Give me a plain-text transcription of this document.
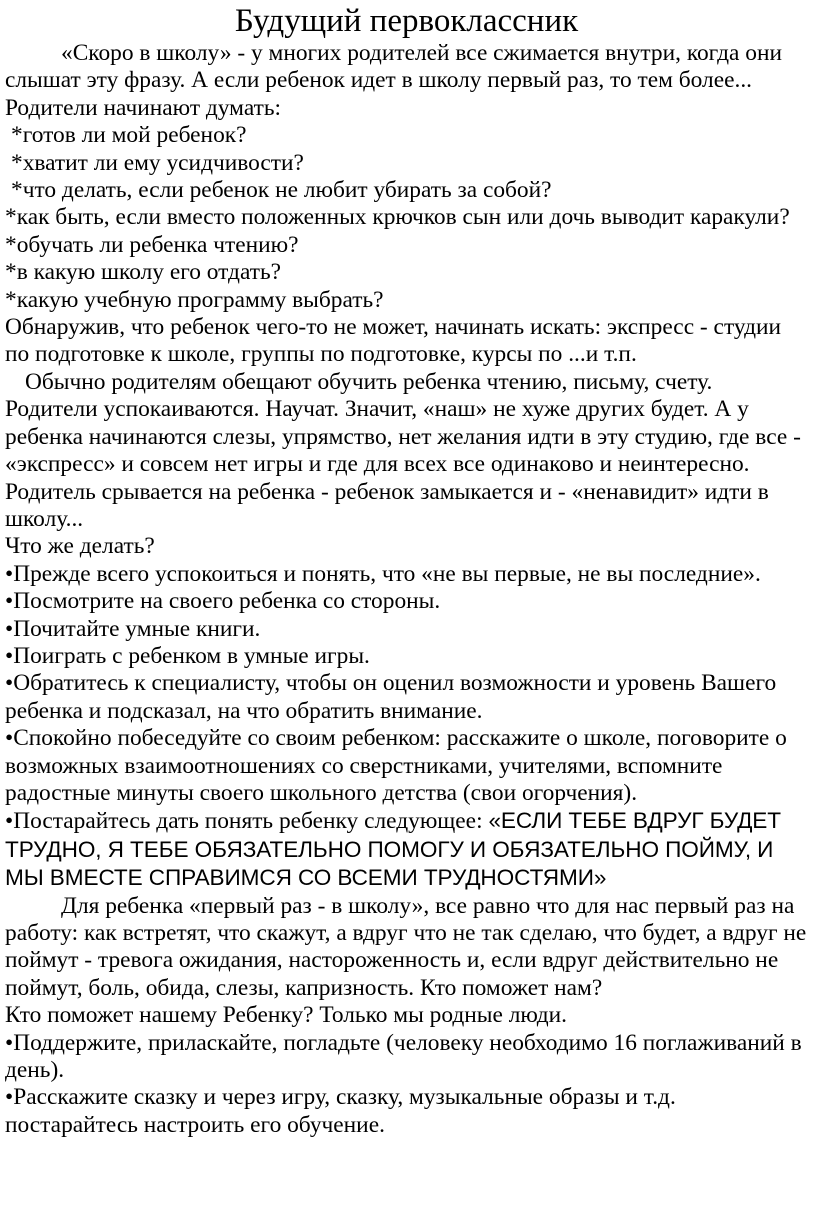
Будущий первоклассник

«Скоро в школу» - у многих родителей все сжимается внутри, когда они слышат эту фразу. А если ребенок идет в школу первый раз, то тем более... Родители начинают думать:

*готов ли мой ребенок?

*хватит ли ему усидчивости?

*что делать, если ребенок не любит убирать за собой?

*как быть, если вместо положенных крючков сын или дочь выводит каракули?

*обучать ли ребенка чтению?

*в какую школу его отдать?

*какую учебную программу выбрать?

Обнаружив, что ребенок чего-то не может, начинать искать: экспресс - студии по подготовке к школе, группы по подготовке, курсы по ...и т.п.

Обычно родителям обещают обучить ребенка чтению, письму, счету. Родители успокаиваются. Научат. Значит, «наш» не хуже других будет. А у ребенка начинаются слезы, упрямство, нет желания идти в эту студию, где все - «экспресс» и совсем нет игры и где для всех все одинаково и неинтересно. Родитель срывается на ребенка - ребенок замыкается и - «ненавидит» идти в школу...

Что же делать?

•Прежде всего успокоиться и понять, что «не вы первые, не вы последние».

•Посмотрите на своего ребенка со стороны.

•Почитайте умные книги.

•Поиграть с ребенком в умные игры.

•Обратитесь к специалисту, чтобы он оценил возможности и уровень Вашего ребенка и подсказал, на что обратить внимание.

•Спокойно побеседуйте со своим ребенком: расскажите о школе, поговорите о возможных взаимоотношениях со сверстниками, учителями, вспомните радостные минуты своего школьного детства (свои огорчения).

•Постарайтесь дать понять ребенку следующее: «ЕСЛИ ТЕБЕ ВДРУГ БУДЕТ ТРУДНО, Я ТЕБЕ ОБЯЗАТЕЛЬНО ПОМОГУ И ОБЯЗАТЕЛЬНО ПОЙМУ, И МЫ ВМЕСТЕ СПРАВИМСЯ СО ВСЕМИ ТРУДНОСТЯМИ»

Для ребенка «первый раз - в школу», все равно что для нас первый раз на работу: как встретят, что скажут, а вдруг что не так сделаю, что будет, а вдруг не поймут - тревога ожидания, настороженность и, если вдруг действительно не поймут, боль, обида, слезы, капризность. Кто поможет нам?

Кто поможет нашему Ребенку? Только мы родные люди.

•Поддержите, приласкайте, погладьте (человеку необходимо 16 поглаживаний в день).

•Расскажите сказку и через игру, сказку, музыкальные образы и т.д. постарайтесь настроить его обучение.
